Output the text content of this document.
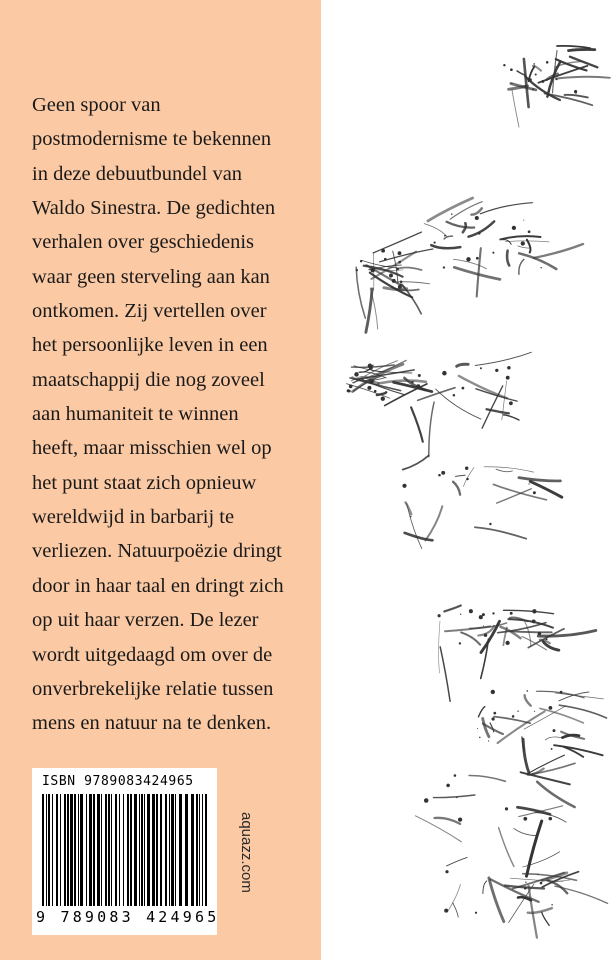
Geen spoor van
postmodernisme te bekennen
in deze debuutbundel van
Waldo Sinestra. De gedichten
verhalen over geschiedenis
waar geen sterveling aan kan
ontkomen. Zij vertellen over
het persoonlijke leven in een
maatschappij die nog zoveel
aan humaniteit te winnen
heeft, maar misschien wel op
het punt staat zich opnieuw
wereldwijd in barbarij te
verliezen. Natuurpoëzie dringt
door in haar taal en dringt zich
op uit haar verzen. De lezer
wordt uitgedaagd om over de
onverbrekelijke relatie tussen
mens en natuur na te denken.
ISBN 9789083424965
9 789083 424965
aquazz.com
